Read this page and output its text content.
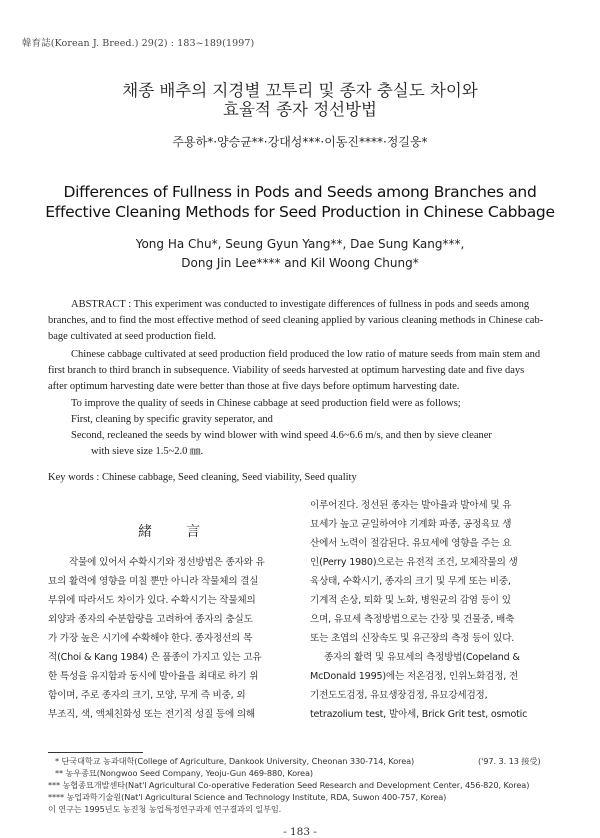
韓育誌(Korean J. Breed.) 29(2) : 183~189(1997)
채종 배추의 지경별 꼬투리 및 종자 충실도 차이와
효율적 종자 정선방법
주용하*·양승균**·강대성***·이동진****·정길웅*
Differences of Fullness in Pods and Seeds among Branches and
Effective Cleaning Methods for Seed Production in Chinese Cabbage
Yong Ha Chu*, Seung Gyun Yang**, Dae Sung Kang***,
Dong Jin Lee**** and Kil Woong Chung*
ABSTRACT : This experiment was conducted to investigate differences of fullness in pods and seeds among
branches, and to find the most effective method of seed cleaning applied by various cleaning methods in Chinese cab-
bage cultivated at seed production field.
Chinese cabbage cultivated at seed production field produced the low ratio of mature seeds from main stem and
first branch to third branch in subsequence. Viability of seeds harvested at optimum harvesting date and five days
after optimum harvesting date were better than those at five days before optimum harvesting date.
To improve the quality of seeds in Chinese cabbage at seed production field were as follows;
First, cleaning by specific gravity seperator, and
Second, recleaned the seeds by wind blower with wind speed 4.6~6.6 m/s, and then by sieve cleaner
with sieve size 1.5~2.0 ㎜.
Key words : Chinese cabbage, Seed cleaning, Seed viability, Seed quality
緒言
작물에 있어서 수확시기와 정선방법은 종자와 유
묘의 활력에 영향을 미칠 뿐만 아니라 작물체의 결실
부위에 따라서도 차이가 있다. 수확시기는 작물체의
외양과 종자의 수분함량을 고려하여 종자의 충실도
가 가장 높은 시기에 수확해야 한다. 종자정선의 목
적(Choi & Kang 1984) 은 품종이 가지고 있는 고유
한 특성을 유지함과 동시에 발아율을 최대로 하기 위
함이며, 주로 종자의 크기, 모양, 무게 즉 비중, 외
부조직, 색, 액체친화성 또는 전기적 성질 등에 의해
이루어진다. 정선된 종자는 발아율과 발아세 및 유
묘세가 높고 균일하여야 기계화 파종, 공정육묘 생
산에서 노력이 절감된다. 유묘세에 영향을 주는 요
인(Perry 1980)으로는 유전적 조건, 모체작물의 생
육상태, 수확시기, 종자의 크기 및 무게 또는 비중,
기계적 손상, 퇴화 및 노화, 병원균의 감염 등이 있
으며, 유묘세 측정방법으로는 간장 및 건물중, 배축
또는 초엽의 신장속도 및 유근장의 측정 등이 있다.
종자의 활력 및 유묘세의 측정방법(Copeland &
McDonald 1995)에는 저온검정, 인위노화검정, 전
기전도도검정, 유묘생장검정, 유묘강세검정,
tetrazolium test, 발아세, Brick Grit test, osmotic
* 단국대학교 농과대학(College of Agriculture, Dankook University, Cheonan 330-714, Korea)	('97. 3. 13 接受)
** 농우종묘(Nongwoo Seed Company, Yeoju-Gun 469-880, Korea)
*** 농협종묘개발센타(Nat'l Agricultural Co-operative Federation Seed Research and Development Center, 456-820, Korea)
**** 농업과학기술원(Nat'l Agricultural Science and Technology Institute, RDA, Suwon 400-757, Korea)
이 연구는 1995년도 농진청 농업특정연구과제 연구결과의 일부임.
- 183 -
